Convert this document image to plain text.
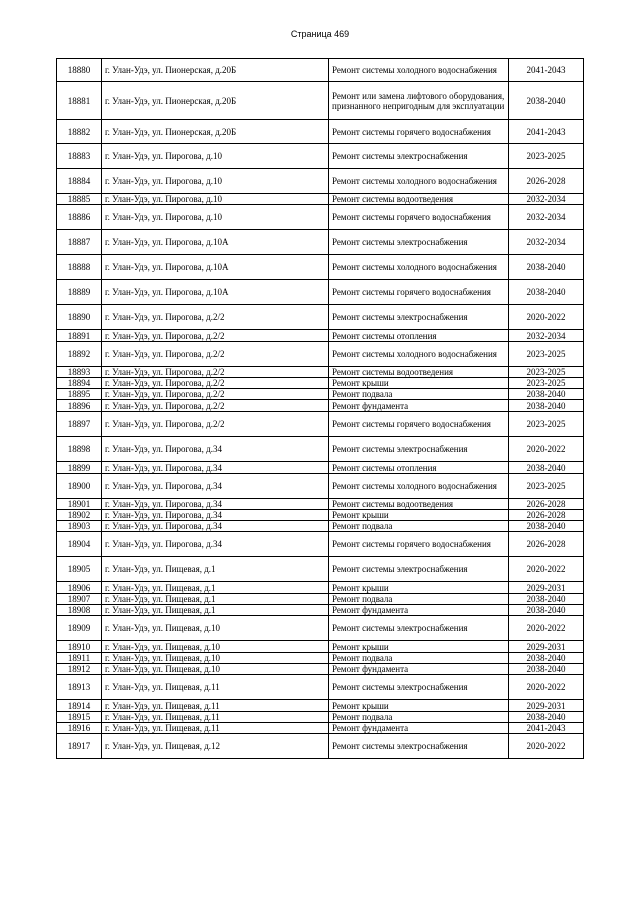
Страница 469
18880	г. Улан-Удэ, ул. Пионерская, д.20Б	Ремонт системы холодного водоснабжения	2041-2043
18881	г. Улан-Удэ, ул. Пионерская, д.20Б	Ремонт или замена лифтового оборудования, признанного непригодным для эксплуатации	2038-2040
18882	г. Улан-Удэ, ул. Пионерская, д.20Б	Ремонт системы горячего водоснабжения	2041-2043
18883	г. Улан-Удэ, ул. Пирогова, д.10	Ремонт системы электроснабжения	2023-2025
18884	г. Улан-Удэ, ул. Пирогова, д.10	Ремонт системы холодного водоснабжения	2026-2028
18885	г. Улан-Удэ, ул. Пирогова, д.10	Ремонт системы водоотведения	2032-2034
18886	г. Улан-Удэ, ул. Пирогова, д.10	Ремонт системы горячего водоснабжения	2032-2034
18887	г. Улан-Удэ, ул. Пирогова, д.10А	Ремонт системы электроснабжения	2032-2034
18888	г. Улан-Удэ, ул. Пирогова, д.10А	Ремонт системы холодного водоснабжения	2038-2040
18889	г. Улан-Удэ, ул. Пирогова, д.10А	Ремонт системы горячего водоснабжения	2038-2040
18890	г. Улан-Удэ, ул. Пирогова, д.2/2	Ремонт системы электроснабжения	2020-2022
18891	г. Улан-Удэ, ул. Пирогова, д.2/2	Ремонт системы отопления	2032-2034
18892	г. Улан-Удэ, ул. Пирогова, д.2/2	Ремонт системы холодного водоснабжения	2023-2025
18893	г. Улан-Удэ, ул. Пирогова, д.2/2	Ремонт системы водоотведения	2023-2025
18894	г. Улан-Удэ, ул. Пирогова, д.2/2	Ремонт крыши	2023-2025
18895	г. Улан-Удэ, ул. Пирогова, д.2/2	Ремонт подвала	2038-2040
18896	г. Улан-Удэ, ул. Пирогова, д.2/2	Ремонт фундамента	2038-2040
18897	г. Улан-Удэ, ул. Пирогова, д.2/2	Ремонт системы горячего водоснабжения	2023-2025
18898	г. Улан-Удэ, ул. Пирогова, д.34	Ремонт системы электроснабжения	2020-2022
18899	г. Улан-Удэ, ул. Пирогова, д.34	Ремонт системы отопления	2038-2040
18900	г. Улан-Удэ, ул. Пирогова, д.34	Ремонт системы холодного водоснабжения	2023-2025
18901	г. Улан-Удэ, ул. Пирогова, д.34	Ремонт системы водоотведения	2026-2028
18902	г. Улан-Удэ, ул. Пирогова, д.34	Ремонт крыши	2026-2028
18903	г. Улан-Удэ, ул. Пирогова, д.34	Ремонт подвала	2038-2040
18904	г. Улан-Удэ, ул. Пирогова, д.34	Ремонт системы горячего водоснабжения	2026-2028
18905	г. Улан-Удэ, ул. Пищевая, д.1	Ремонт системы электроснабжения	2020-2022
18906	г. Улан-Удэ, ул. Пищевая, д.1	Ремонт крыши	2029-2031
18907	г. Улан-Удэ, ул. Пищевая, д.1	Ремонт подвала	2038-2040
18908	г. Улан-Удэ, ул. Пищевая, д.1	Ремонт фундамента	2038-2040
18909	г. Улан-Удэ, ул. Пищевая, д.10	Ремонт системы электроснабжения	2020-2022
18910	г. Улан-Удэ, ул. Пищевая, д.10	Ремонт крыши	2029-2031
18911	г. Улан-Удэ, ул. Пищевая, д.10	Ремонт подвала	2038-2040
18912	г. Улан-Удэ, ул. Пищевая, д.10	Ремонт фундамента	2038-2040
18913	г. Улан-Удэ, ул. Пищевая, д.11	Ремонт системы электроснабжения	2020-2022
18914	г. Улан-Удэ, ул. Пищевая, д.11	Ремонт крыши	2029-2031
18915	г. Улан-Удэ, ул. Пищевая, д.11	Ремонт подвала	2038-2040
18916	г. Улан-Удэ, ул. Пищевая, д.11	Ремонт фундамента	2041-2043
18917	г. Улан-Удэ, ул. Пищевая, д.12	Ремонт системы электроснабжения	2020-2022
